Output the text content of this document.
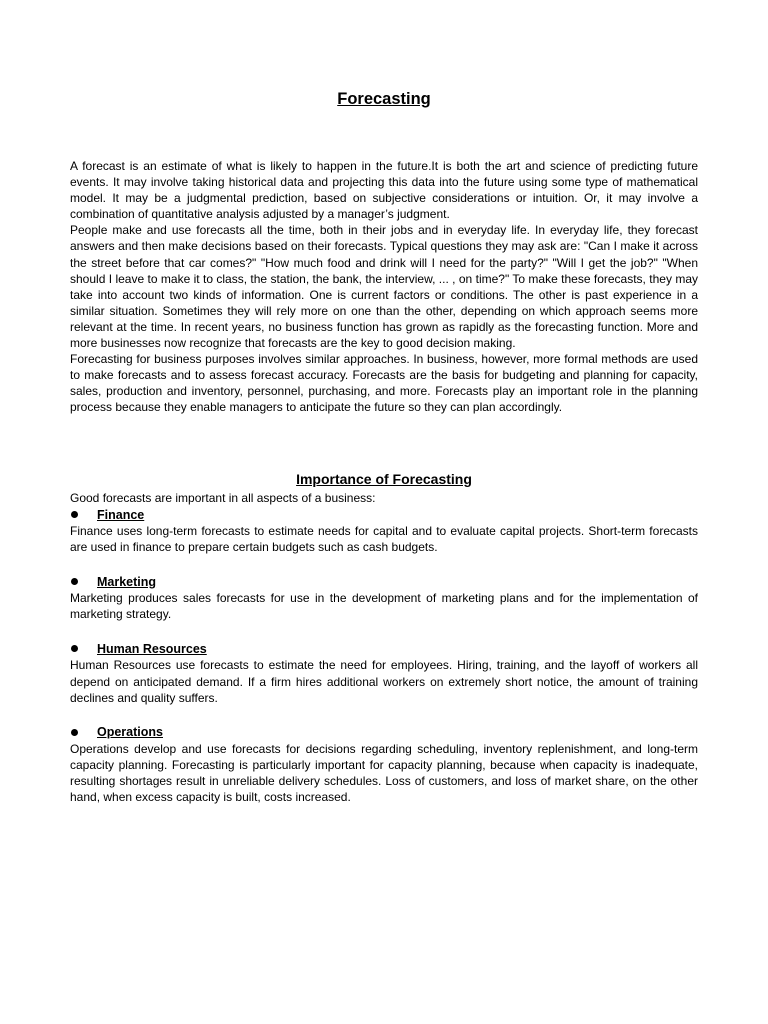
Forecasting

A forecast is an estimate of what is likely to happen in the future.It is both the art and science of predicting future events. It may involve taking historical data and projecting this data into the future using some type of mathematical model. It may be a judgmental prediction, based on subjective considerations or intuition. Or, it may involve a combination of quantitative analysis adjusted by a manager’s judgment.

People make and use forecasts all the time, both in their jobs and in everyday life. In everyday life, they forecast answers and then make decisions based on their forecasts. Typical questions they may ask are: "Can I make it across the street before that car comes?" "How much food and drink will I need for the party?" "Will I get the job?" "When should I leave to make it to class, the station, the bank, the interview, ... , on time?" To make these forecasts, they may take into account two kinds of information. One is current factors or conditions. The other is past experience in a similar situation. Sometimes they will rely more on one than the other, depending on which approach seems more relevant at the time. In recent years, no business function has grown as rapidly as the forecasting function. More and more businesses now recognize that forecasts are the key to good decision making.

Forecasting for business purposes involves similar approaches. In business, however, more formal methods are used to make forecasts and to assess forecast accuracy. Forecasts are the basis for budgeting and planning for capacity, sales, production and inventory, personnel, purchasing, and more. Forecasts play an important role in the planning process because they enable managers to anticipate the future so they can plan accordingly.

Importance of Forecasting

Good forecasts are important in all aspects of a business:

Finance

Finance uses long-term forecasts to estimate needs for capital and to evaluate capital projects. Short-term forecasts are used in finance to prepare certain budgets such as cash budgets.

Marketing

Marketing produces sales forecasts for use in the development of marketing plans and for the implementation of marketing strategy.

Human Resources

Human Resources use forecasts to estimate the need for employees. Hiring, training, and the layoff of workers all depend on anticipated demand. If a firm hires additional workers on extremely short notice, the amount of training declines and quality suffers.

Operations

Operations develop and use forecasts for decisions regarding scheduling, inventory replenishment, and long-term capacity planning. Forecasting is particularly important for capacity planning, because when capacity is inadequate, resulting shortages result in unreliable delivery schedules. Loss of customers, and loss of market share, on the other hand, when excess capacity is built, costs increased.
